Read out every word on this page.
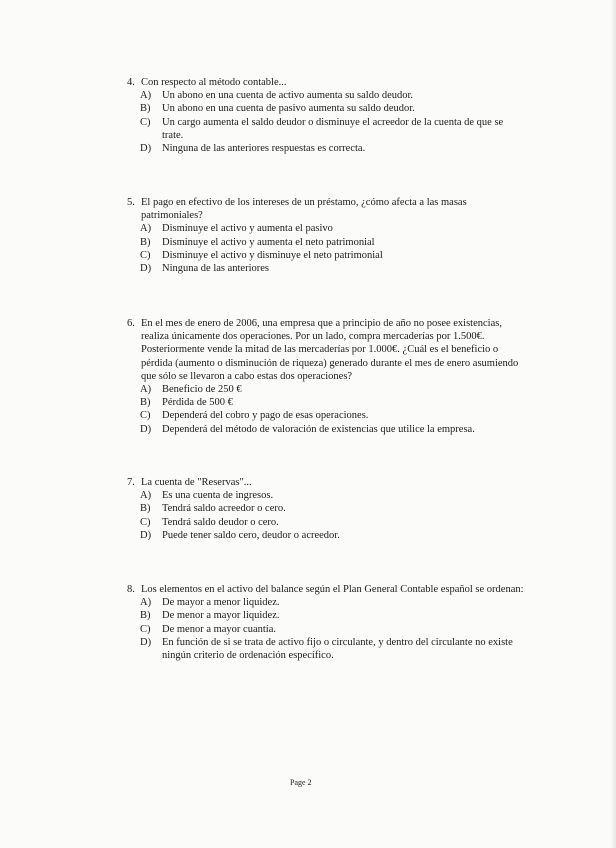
4. Con respecto al método contable...
A)	Un abono en una cuenta de activo aumenta su saldo deudor.
B)	Un abono en una cuenta de pasivo aumenta su saldo deudor.
C)	Un cargo aumenta el saldo deudor o disminuye el acreedor de la cuenta de que se trate.
D)	Ninguna de las anteriores respuestas es correcta.
5. El pago en efectivo de los intereses de un préstamo, ¿cómo afecta a las masas patrimoniales?
A)	Disminuye el activo y aumenta el pasivo
B)	Disminuye el activo y aumenta el neto patrimonial
C)	Disminuye el activo y disminuye el neto patrimonial
D)	Ninguna de las anteriores
6. En el mes de enero de 2006, una empresa que a principio de año no posee existencias, realiza únicamente dos operaciones. Por un lado, compra mercaderías por 1.500€. Posteriormente vende la mitad de las mercaderías por 1.000€. ¿Cuál es el beneficio o pérdida (aumento o disminución de riqueza) generado durante el mes de enero asumiendo que sólo se llevaron a cabo estas dos operaciones?
A)	Beneficio de 250 €
B)	Pérdida de 500 €
C)	Dependerá del cobro y pago de esas operaciones.
D)	Dependerá del método de valoración de existencias que utilice la empresa.
7. La cuenta de "Reservas"...
A)	Es una cuenta de ingresos.
B)	Tendrá saldo acreedor o cero.
C)	Tendrá saldo deudor o cero.
D)	Puede tener saldo cero, deudor o acreedor.
8. Los elementos en el activo del balance según el Plan General Contable español se ordenan:
A)	De mayor a menor liquidez.
B)	De menor a mayor liquidez.
C)	De menor a mayor cuantía.
D)	En función de si se trata de activo fijo o circulante, y dentro del circulante no existe ningún criterio de ordenación específico.
Page 2
